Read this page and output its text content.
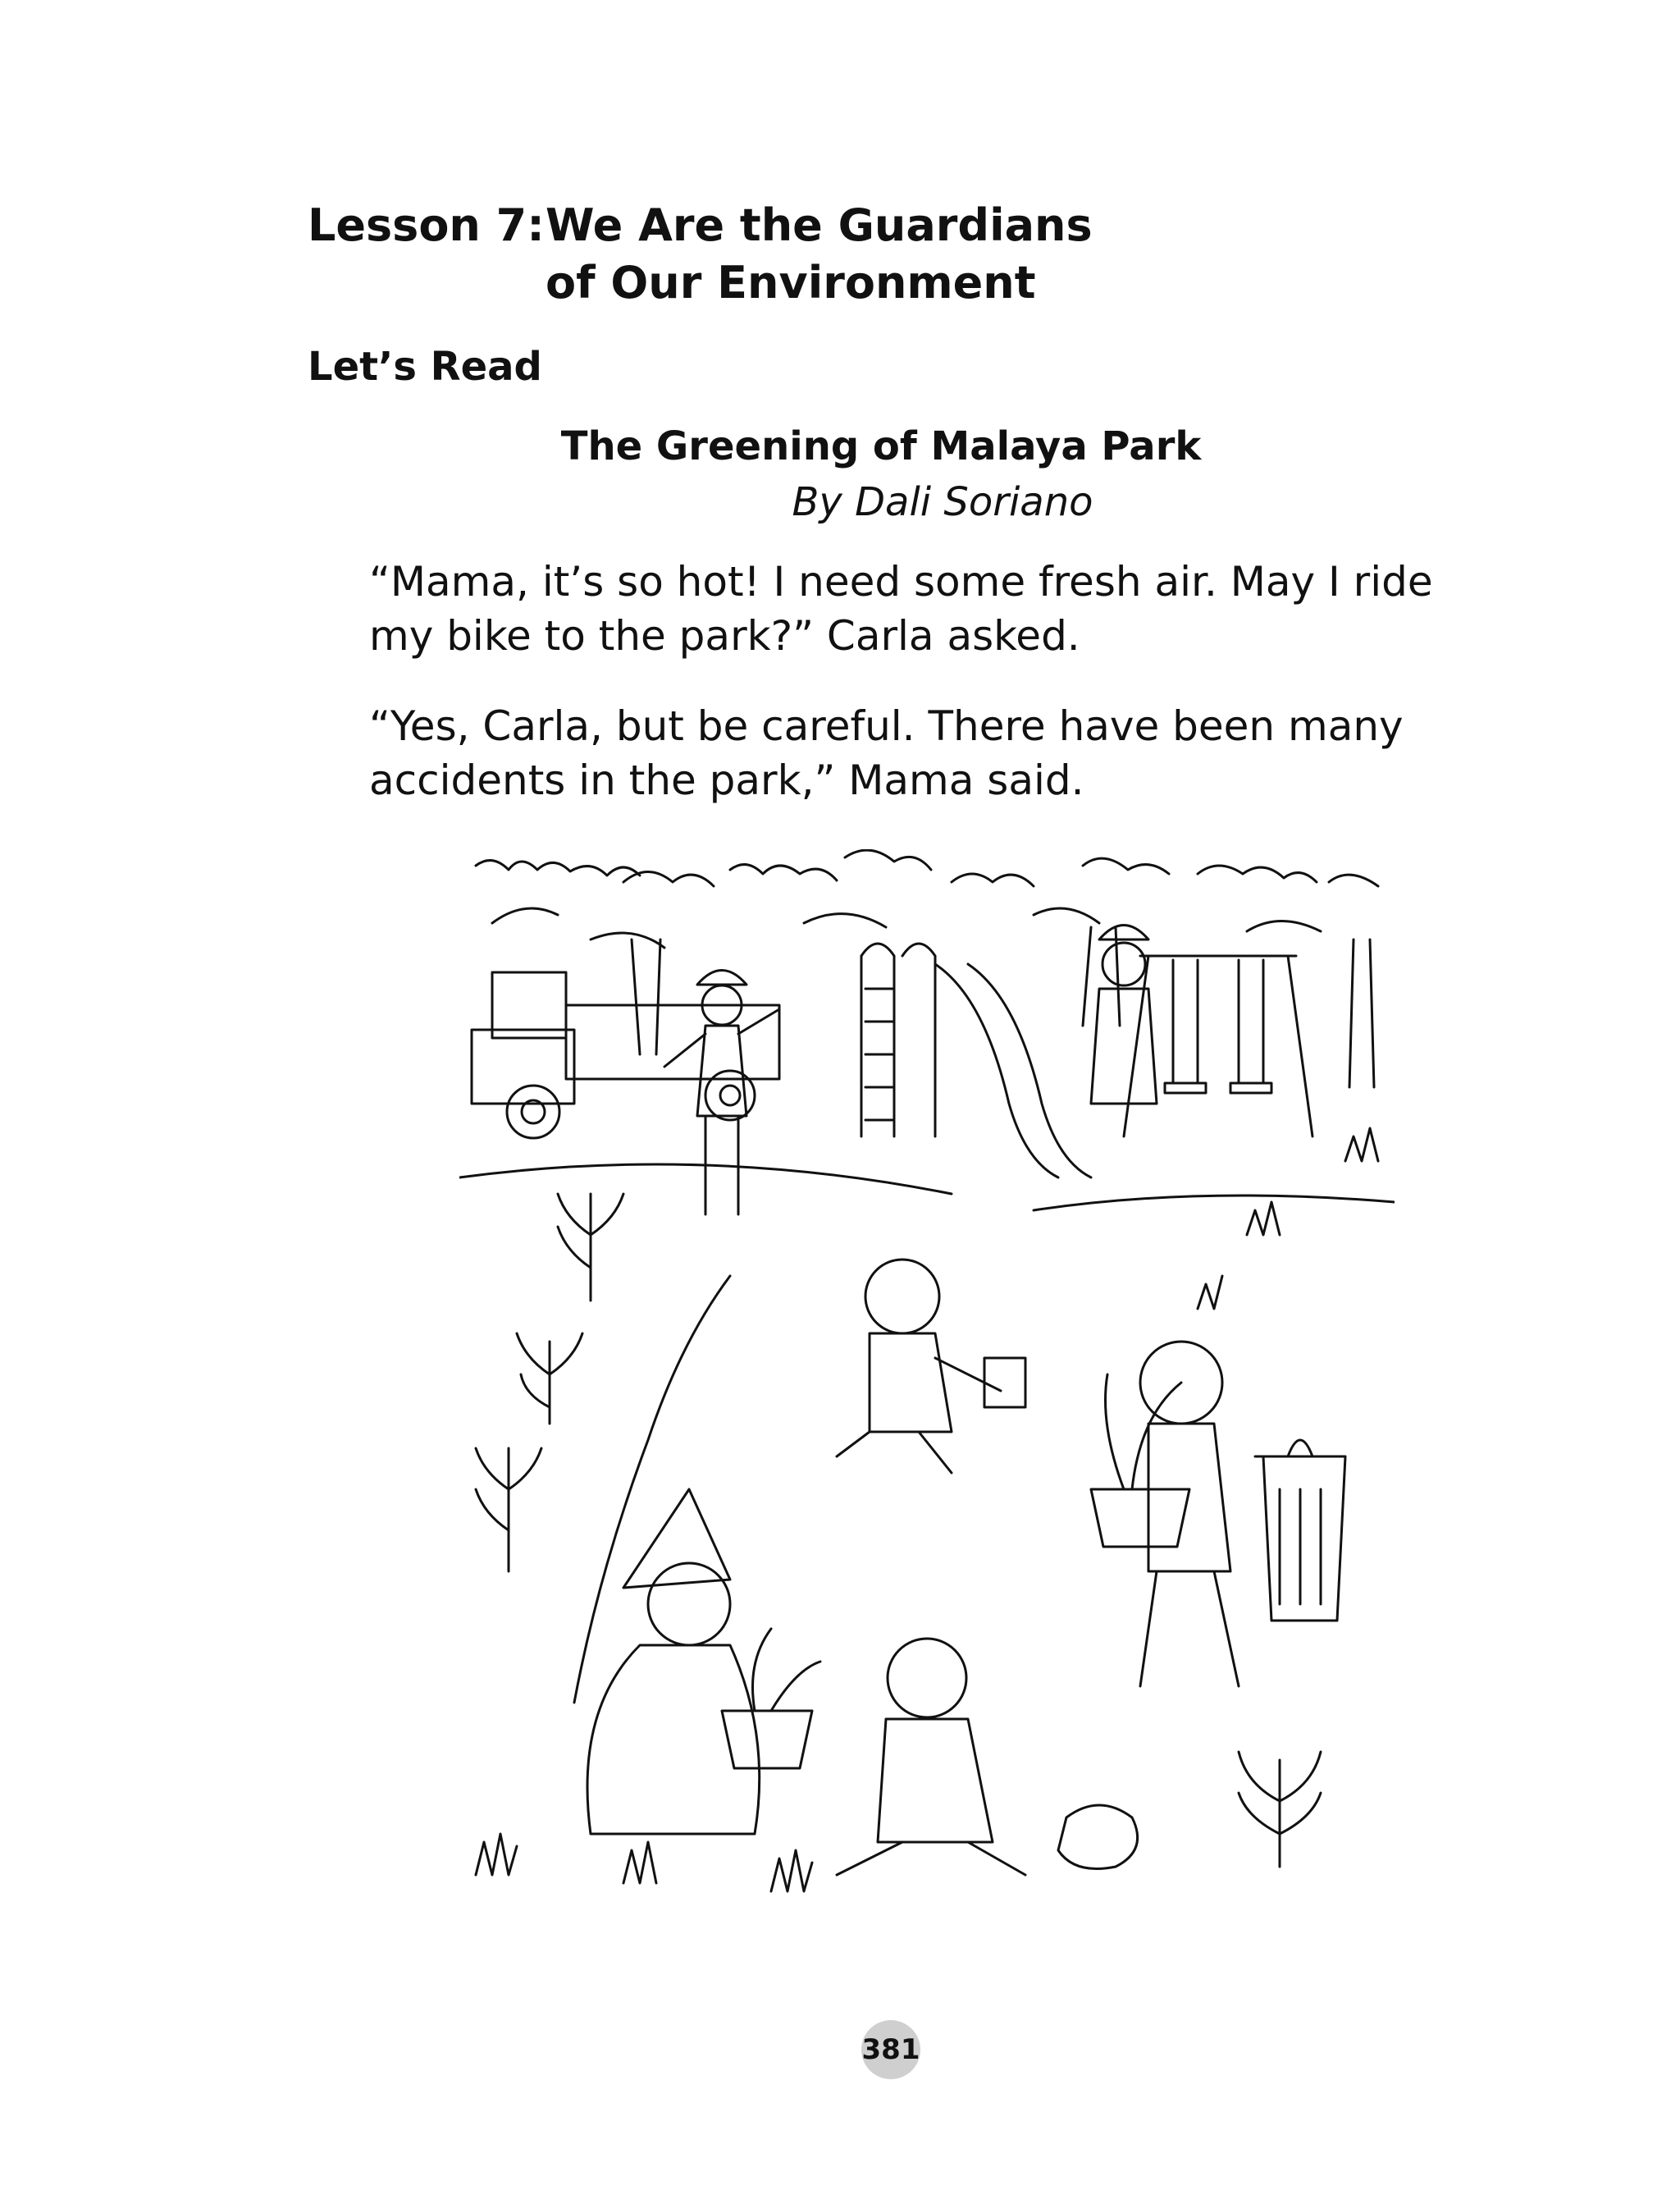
Lesson 7: We Are the Guardians
of Our Environment
Let’s Read
The Greening of Malaya Park
By Dali Soriano

“Mama, it’s so hot! I need some fresh air. May I ride my bike to the park?” Carla asked.

“Yes, Carla, but be careful. There have been many accidents in the park,” Mama said.

381
